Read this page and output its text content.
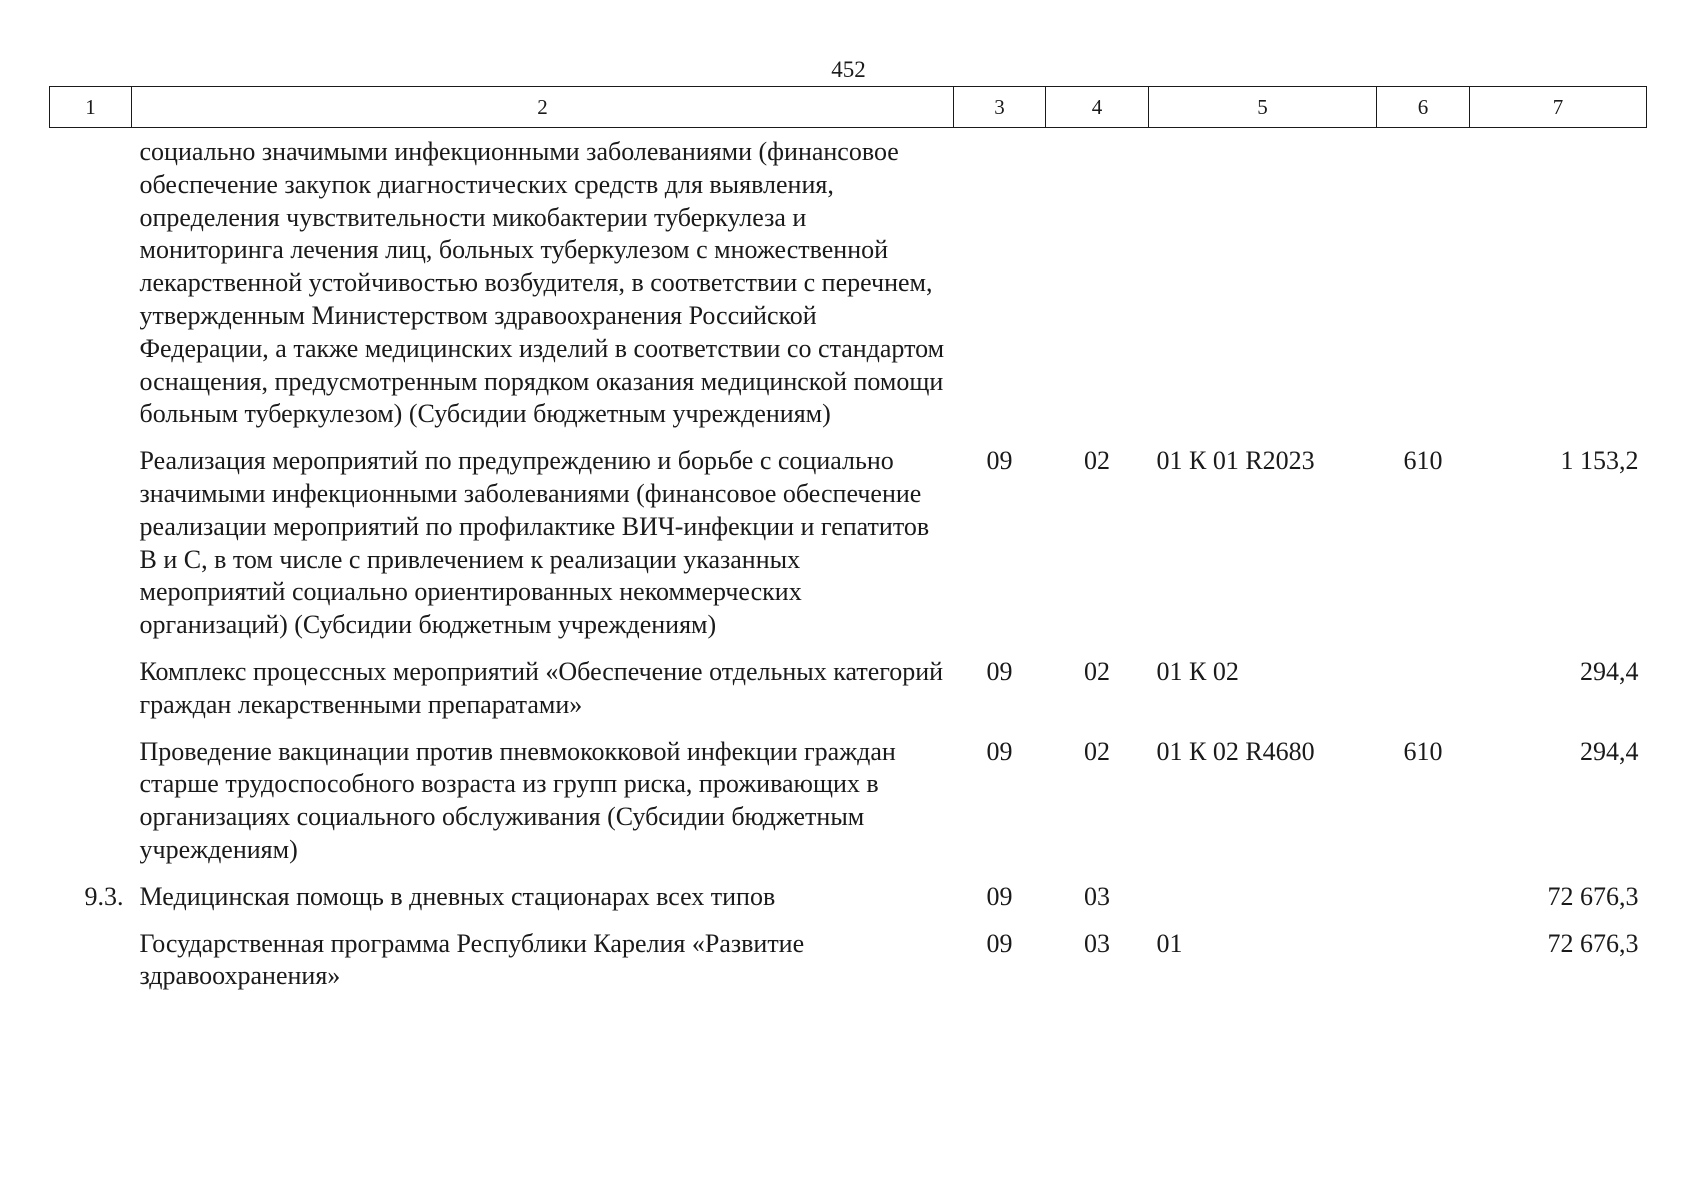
452
1	2	3	4	5	6	7
	социально значимыми инфекционными заболеваниями (финансовое обеспечение закупок диагностических средств для выявления, определения чувствительности микобактерии туберкулеза и мониторинга лечения лиц, больных туберкулезом с множественной лекарственной устойчивостью возбудителя, в соответствии с перечнем, утвержденным Министерством здравоохранения Российской Федерации, а также медицинских изделий в соответствии со стандартом оснащения, предусмотренным порядком оказания медицинской помощи больным туберкулезом) (Субсидии бюджетным учреждениям)					
	Реализация мероприятий по предупреждению и борьбе с социально значимыми инфекционными заболеваниями (финансовое обеспечение реализации мероприятий по профилактике ВИЧ-инфекции и гепатитов В и С, в том числе с привлечением к реализации указанных мероприятий социально ориентированных некоммерческих организаций) (Субсидии бюджетным учреждениям)	09	02	01 К 01 R2023	610	1 153,2
	Комплекс процессных мероприятий «Обеспечение отдельных категорий граждан лекарственными препаратами»	09	02	01 К 02		294,4
	Проведение вакцинации против пневмококковой инфекции граждан старше трудоспособного возраста из групп риска, проживающих в организациях социального обслуживания (Субсидии бюджетным учреждениям)	09	02	01 К 02 R4680	610	294,4
9.3.	Медицинская помощь в дневных стационарах всех типов	09	03			72 676,3
	Государственная программа Республики Карелия «Развитие здравоохранения»	09	03	01		72 676,3
